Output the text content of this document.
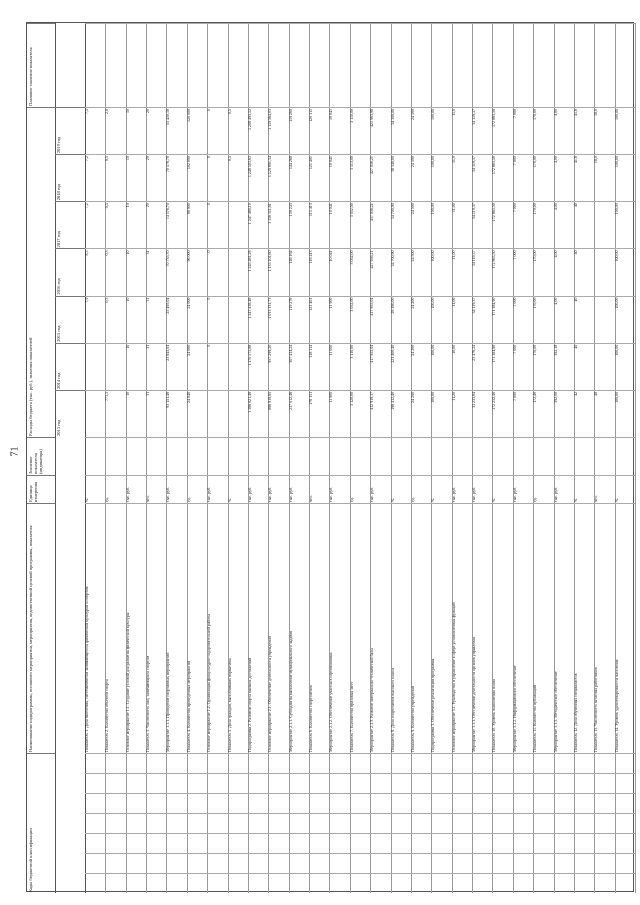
71
Коды бюджетной классификации
Наименование подпрограммы, основного мероприятия, мероприятия, ведомственной целевой программы, показателя
Единица измерения
Значение показателя (индикатора)
Расходы бюджета (тыс. руб.), значения показателей
Плановое значение показателя
2013 год
2014 год
2015 год
2016 год
2017 год
2018 год
2019 год
Показатель 1. Доля населения, систематически занимающегося физической культурой и спортом
%
7,9
8,3
7,2
7,2
7,5
Показатель 2. Количество объектов спорта
ед.
771,5
0,5
0,5
0,5
0,5
2,0
Основное мероприятие 1.1. Создание условий для развития физической культуры
тыс. руб.
10
10
10
10
10
10
10
Показатель 3. Численность лиц, занимающихся спортом
чел.
31
31
31
31
20
20
20
Мероприятие 1.1.1. Проведение спортивных мероприятий
тыс. руб.
93 151,48
23 845,04
25 495,04
70 735,70
74 576,70
70 576,70
55 450,18
Показатель 4. Количество проведенных мероприятий
ед.
24 040
24 000
24 000
96 000
98 900
102 000
120 000
Основное мероприятие 1.2. Организация физкультурно-оздоровительной работы
тыс. руб.
0
0
0
0
0
0
Показатель 5. Доля граждан, выполнивших нормативы
%
0,5
0,5
Подпрограмма 2. Развитие спорта высших достижений
тыс. руб.
1 386 021,48
1 170 575,88
1 247 438,48
1 245 481,28
1 247 480,10
1 248 503,63
1 208 493,52
Основное мероприятие 2.1. Обеспечение деятельности учреждений
тыс. руб.
886 919,85
957 299,20
1 013 131,73
1 133 101,60
1 116 111,61
1 129 891,34
1 119 564,03
Мероприятие 2.1.1. Субсидии на выполнение муниципального задания
тыс. руб.
237 012,46
307 414,24
119 276
146 164
159 243
144 268
119 260
Показатель 6. Количество спортсменов
чел.
178 151
118 114
121 401
116 413
115 413
121 401
120 311
Мероприятие 2.1.2. Обеспечение участия в соревнованиях
тыс. руб.
11 900
11 000
11 900
10 041
10 041
10 041
10 041
Показатель 7. Количество призовых мест
ед.
3 120,00
3 110,00
3 052,00
3 052,00
3 052,00
3 113,00
3 110,00
Мероприятие 2.1.3. Развитие материально-технической базы
тыс. руб.
412 919,17
417 955,04
417 955,04
427 956,21
437 956,21
427 056,21
425 963,98
Показатель 8. Доля спортсменов высокого класса
%
196 412,40
223 400,40
28 180,00
34 700,90
34 700,90
38 340,00
34 300,00
Показатель 9. Количество учреждений
ед.
24 200
24 200
24 200
24 500
24 500
24 500
24 500
Подпрограмма 3. Обеспечение реализации программы
%
100,00
100,00
100,00
100,00
100,00
100,00
100,00
Основное мероприятие 3.1. Руководство и управление в сфере установленных функций
тыс. руб.
11,20
10,00
11,00
11,00
11,00
11,0
11,0
Мероприятие 3.1.1. Обеспечение деятельности органов управления
тыс. руб.
31 233,84
23 476,24
34 119,37
34 119,37
34 119,37
34 119,37
34 119,37
Показатель 10. Уровень выполнения плана
%
172 252,40
171 184,90
171 184,90
172 863,50
172 863,50
172 863,50
172 863,50
Мероприятие 3.1.2. Информационное обеспечение
тыс. руб.
7 000
7 000
7 000
7 000
7 000
7 000
7 000
Показатель 11. Количество публикаций
ед.
172,40
170,00
170,00
170,00
170,00
170,00
170,00
Мероприятие 3.1.3. Методическое обеспечение
тыс. руб.
392,00
392,18
4,00
4,00
4,00
4,00
4,00
Показатель 12. Доля обученных специалистов
%
42
40
40
40
40
41,8
41,8
Показатель 13. Численность штатных работников
чел.
48
18,0
18,0
Показатель 14. Уровень удовлетворенности населения
%
100,00
100,00
100,00
100,00
100,00
100,00
100,00
